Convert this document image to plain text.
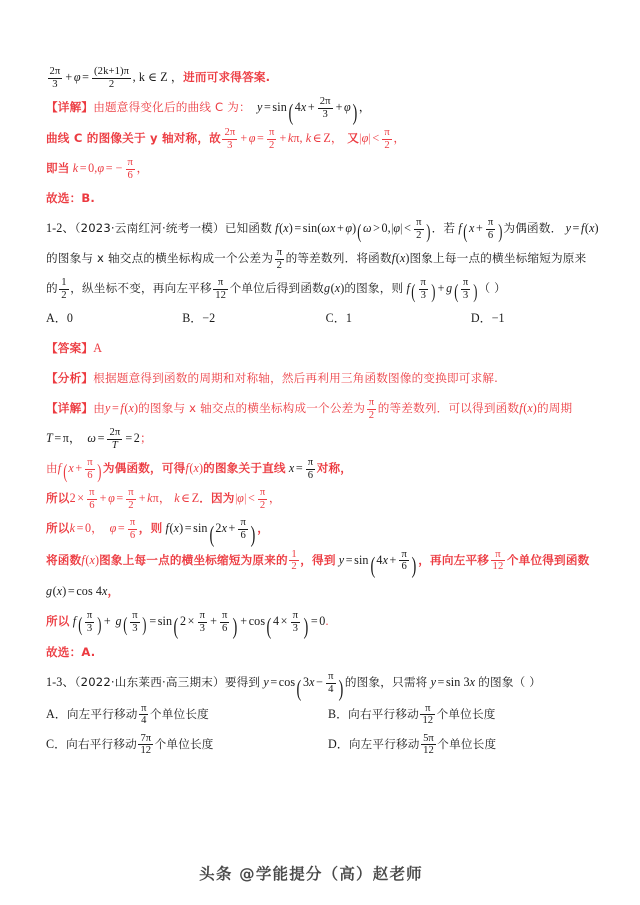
$\frac{2\pi}{3} + \varphi = \frac{(2k+1)\pi}{2}$ , k ∈ Z ，进而可求得答案.
【详解】由题意得变化后的曲线 C 为： $y = \sin(4x + \frac{2\pi}{3} + \varphi)$，
曲线 C 的图像关于 y 轴对称，故 $\frac{2\pi}{3} + \varphi = \frac{\pi}{2} + k\pi$, k ∈ Z， 又$|\varphi| < \frac{\pi}{2}$ ，
即当 k = 0,φ = − $\frac{\pi}{6}$ ，
故选：B.
1-2、（2023·云南红河·统考一模）已知函数 $f(x) = \sin(\omega x + \varphi)(\omega > 0,|\varphi| < \frac{\pi}{2}$ )．若 $f(x + \frac{\pi}{6}$ )为偶函数． y = f(x)
的图象与 x 轴交点的横坐标构成一个公差为 $\frac{\pi}{2}$ 的等差数列．将函数f(x)图象上每一点的横坐标缩短为原来
的 $\frac{1}{2}$ ，纵坐标不变，再向左平移 $\frac{\pi}{12}$ 个单位后得到函数g(x)的图象，则 $f( \frac{\pi}{3}$ ) + $g( \frac{\pi}{3}$ )（ ）
A． 0	B． −2	C． 1	D． −1
【答案】A
【分析】根据题意得到函数的周期和对称轴，然后再利用三角函数图像的变换即可求解.
【详解】由y = f(x)的图象与 x 轴交点的横坐标构成一个公差为 $\frac{\pi}{2}$ 的等差数列．可以得到函数f(x)的周期
T = π，  $\omega = \frac{2\pi}{T} = 2$；
由$f(x + \frac{\pi}{6}$ )为偶函数，可得f(x)的图象关于直线 $x = \frac{\pi}{6}$ 对称，
所以$2 \times \frac{\pi}{6} + \varphi = \frac{\pi}{2} + k\pi$， k ∈ Z．因为$|\varphi| < \frac{\pi}{2}$ ，
所以k = 0，  $\varphi = \frac{\pi}{6}$ ，则 $f(x) = \sin(2x + \frac{\pi}{6}$ )，
将函数f(x)图象上每一点的横坐标缩短为原来的 $\frac{1}{2}$ ，得到 $y = \sin(4x + \frac{\pi}{6}$ )，再向左平移 $\frac{\pi}{12}$ 个单位得到函数
g(x) = cos 4x，
所以 $f( \frac{\pi}{3}$ ) + $g( \frac{\pi}{3}$ ) = $\sin(2 \times \frac{\pi}{3} + \frac{\pi}{6}$ ) + $\cos(4 \times \frac{\pi}{3}$ ) = 0.
故选：A.
1-3、（2022·山东莱西·高三期末）要得到 $y = \cos(3x - \frac{\pi}{4}$ )的图象，只需将 y = sin 3x 的图象（ ）
A． 向左平行移动 $\frac{\pi}{4}$ 个单位长度	B． 向右平行移动 $\frac{\pi}{12}$ 个单位长度
C． 向右平行移动 $\frac{7\pi}{12}$ 个单位长度	D． 向左平行移动 $\frac{5\pi}{12}$ 个单位长度
头条 @学能提分（高）赵老师
